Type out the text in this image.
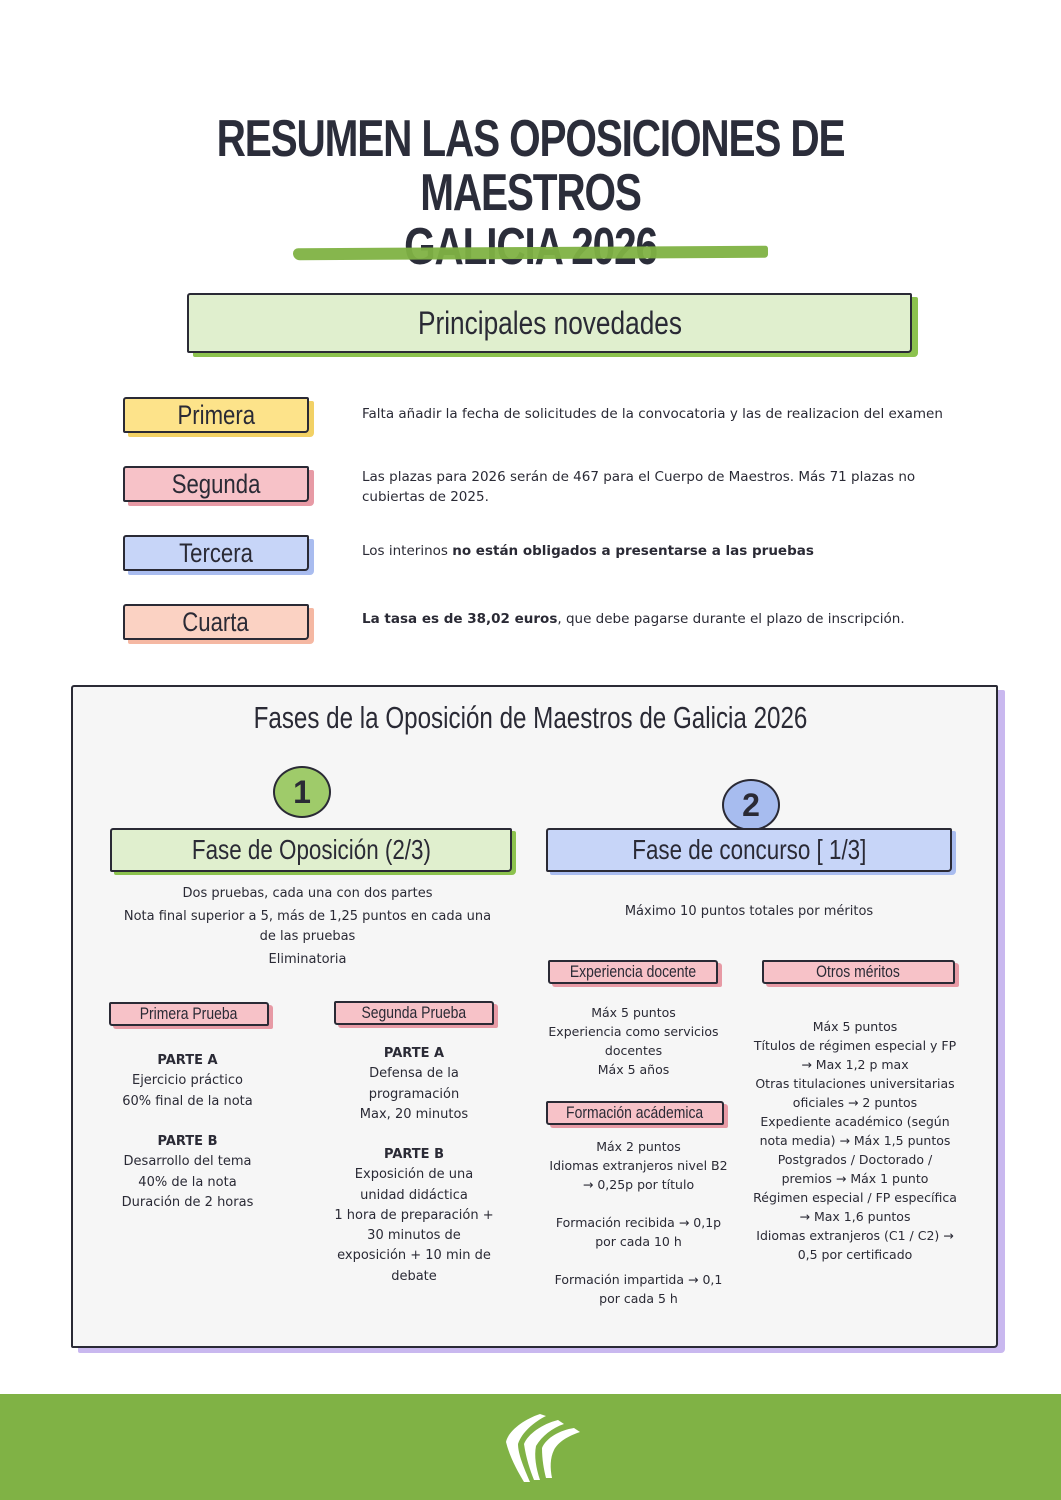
RESUMEN LAS OPOSICIONES DE MAESTROS
Principales novedades
Primera	Falta añadir la fecha de solicitudes de la convocatoria y las de realizacion del examen
Segunda	Las plazas para 2026 serán de 467 para el Cuerpo de Maestros. Más 71 plazas no cubiertas de 2025.
Tercera	Los interinos no están obligados a presentarse a las pruebas
Cuarta	La tasa es de 38,02 euros, que debe pagarse durante el plazo de inscripción.
Fases de la Oposición de Maestros de Galicia 2026
1
Fase de Oposición (2/3)
Dos pruebas, cada una con dos partes
Nota final superior a 5, más de 1,25 puntos en cada una
de las pruebas
Eliminatoria
Primera Prueba	Segunda Prueba
PARTE A
Ejercicio práctico
60% final de la nota
PARTE B
Desarrollo del tema
40% de la nota
Duración de 2 horas
PARTE A
Defensa de la
programación
Max, 20 minutos
PARTE B
Exposición de una
unidad didáctica
1 hora de preparación +
30 minutos de
exposición + 10 min de
debate
2
Fase de concurso [ 1/3]
Máximo 10 puntos totales por méritos
Experiencia docente	Otros méritos
Máx 5 puntos
Experiencia como servicios
docentes
Máx 5 años
Formación acádemica
Máx 2 puntos
Idiomas extranjeros nivel B2
→ 0,25p por título
Formación recibida → 0,1p
por cada 10 h
Formación impartida → 0,1
por cada 5 h
Máx 5 puntos
Títulos de régimen especial y FP
→ Max 1,2 p max
Otras titulaciones universitarias
oficiales → 2 puntos
Expediente académico (según
nota media) → Máx 1,5 puntos
Postgrados / Doctorado /
premios → Máx 1 punto
Régimen especial / FP específica
→ Max 1,6 puntos
Idiomas extranjeros (C1 / C2) →
0,5 por certificado
